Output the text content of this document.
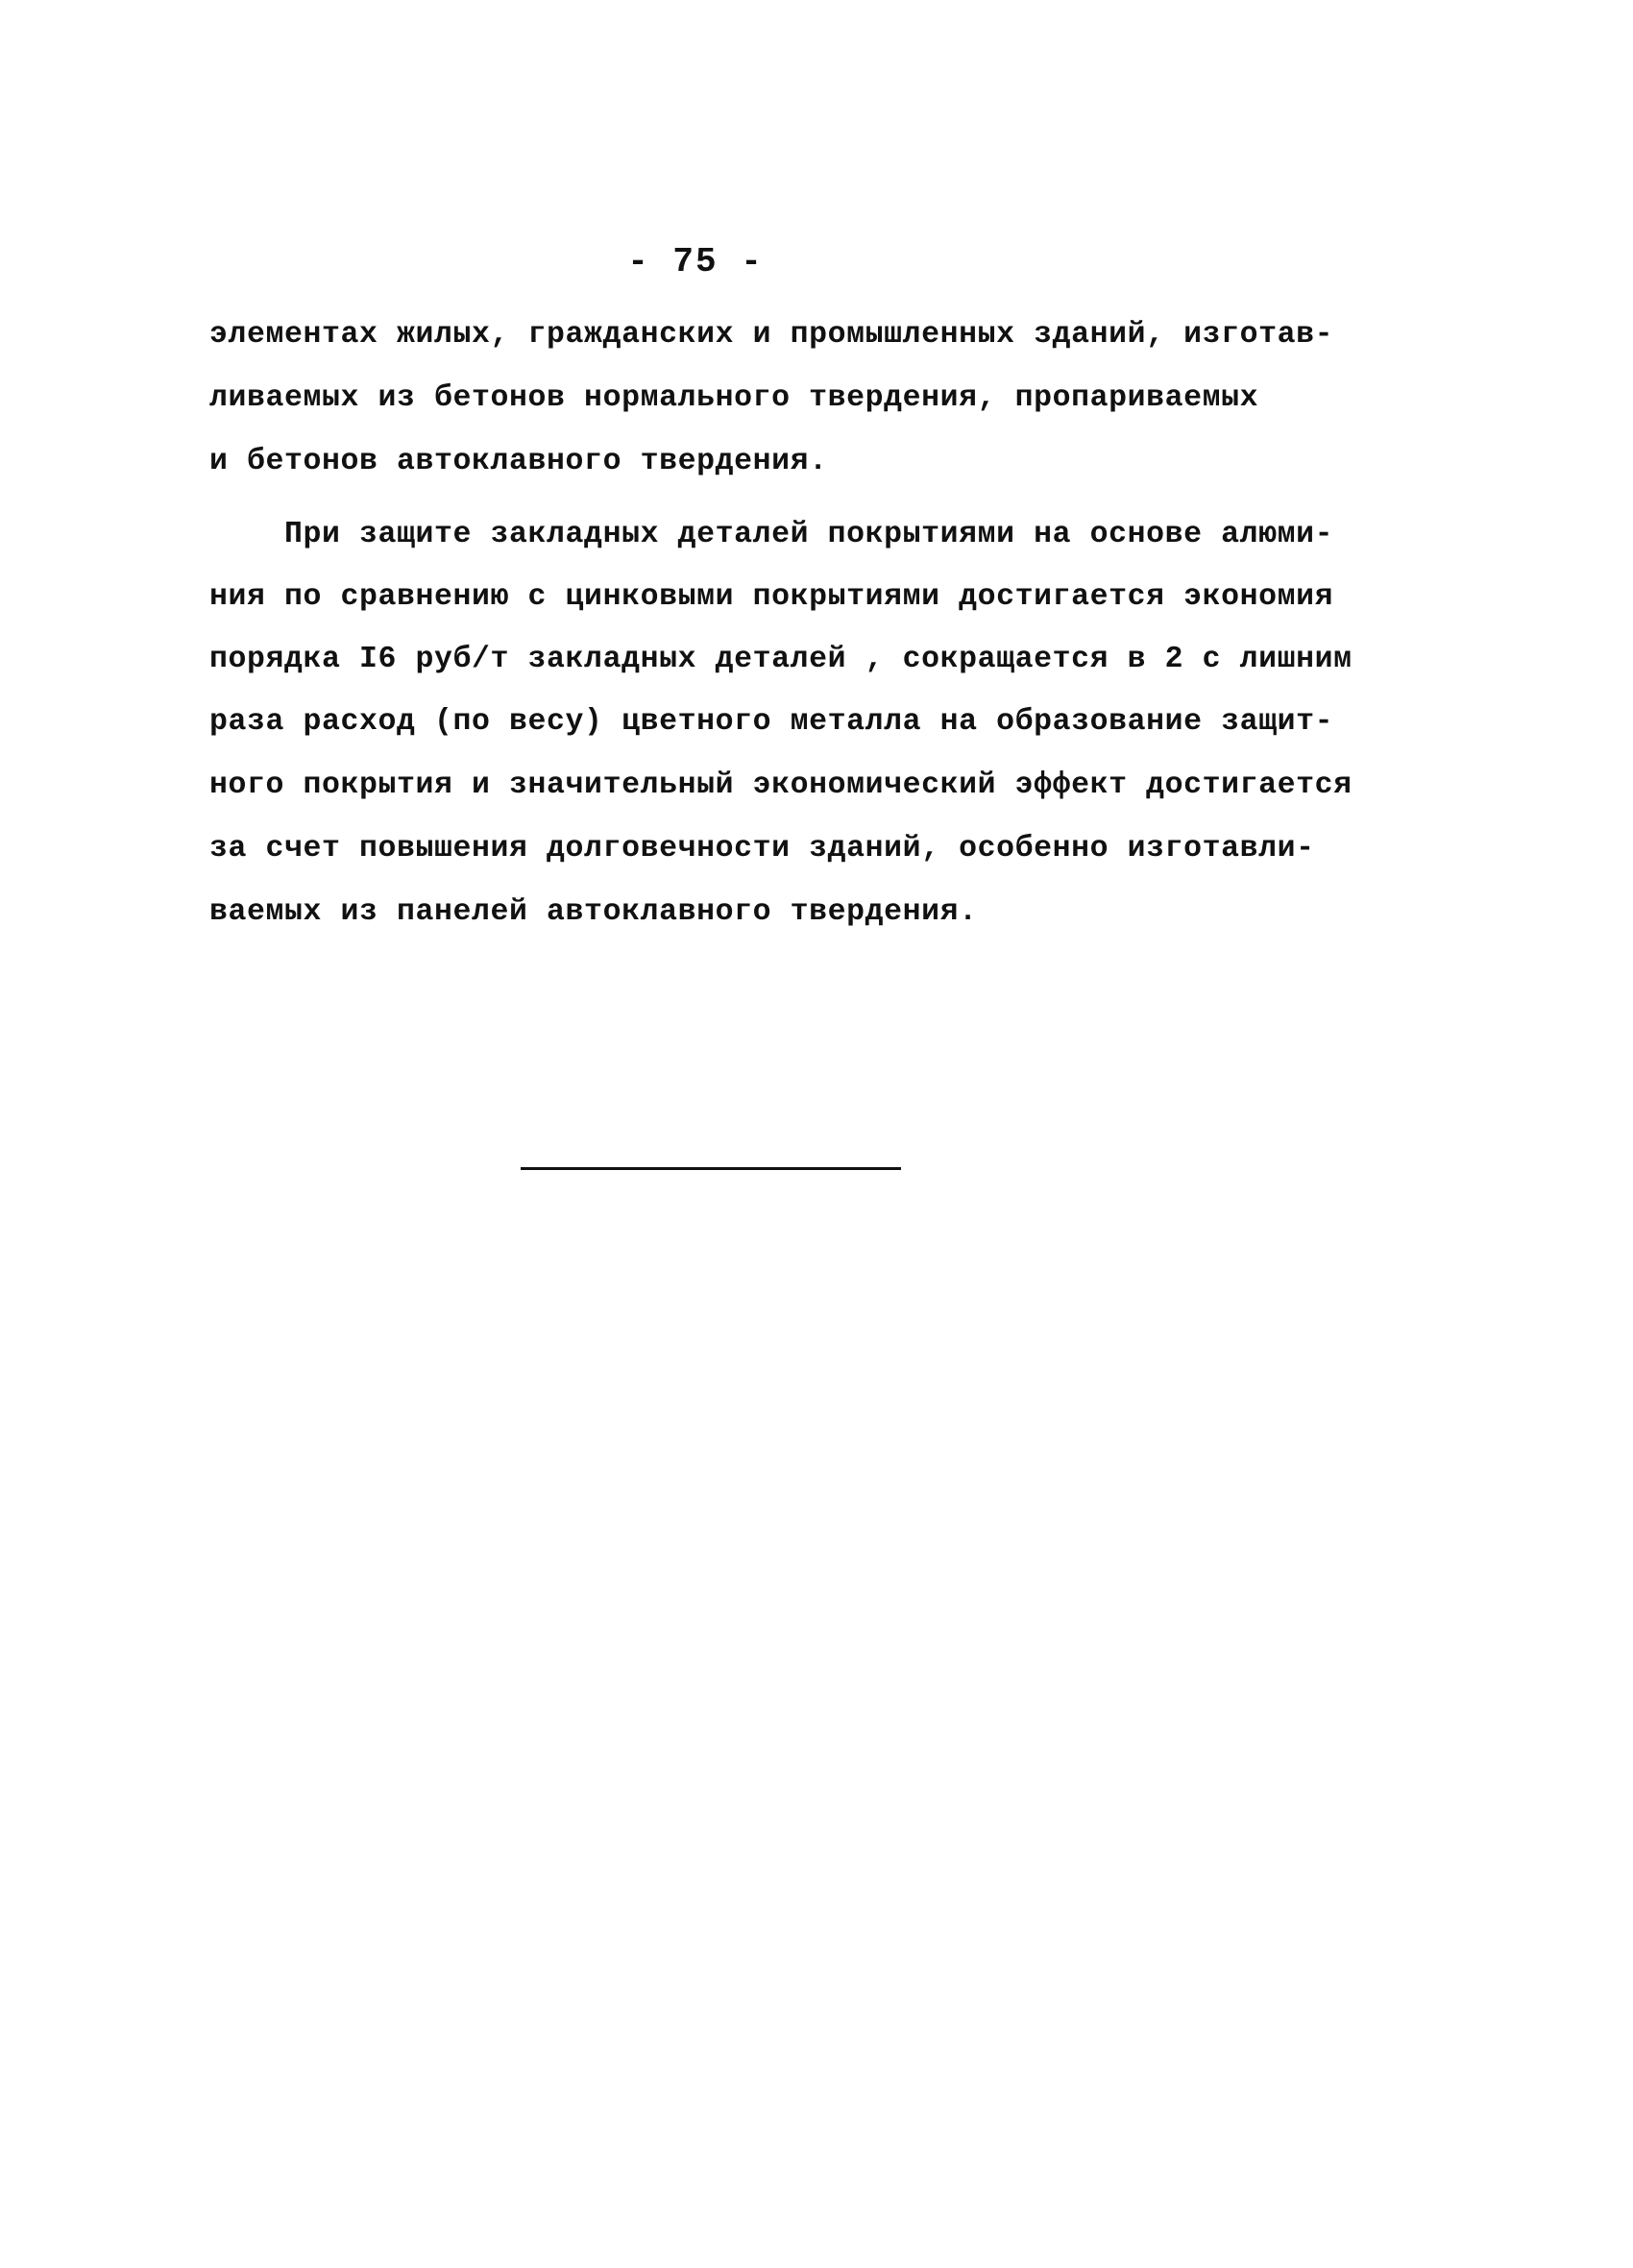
- 75 -
элементах жилых, гражданских и промышленных зданий, изготав-
ливаемых из бетонов нормального твердения, пропариваемых
и бетонов автоклавного твердения.
При защите закладных деталей покрытиями на основе алюми-
ния по сравнению с цинковыми покрытиями достигается экономия
порядка I6 руб/т закладных деталей , сокращается в 2 с лишним
раза расход (по весу) цветного металла на образование защит-
ного покрытия и значительный экономический эффект достигается
за счет повышения долговечности зданий, особенно изготавли-
ваемых из панелей автоклавного твердения.
